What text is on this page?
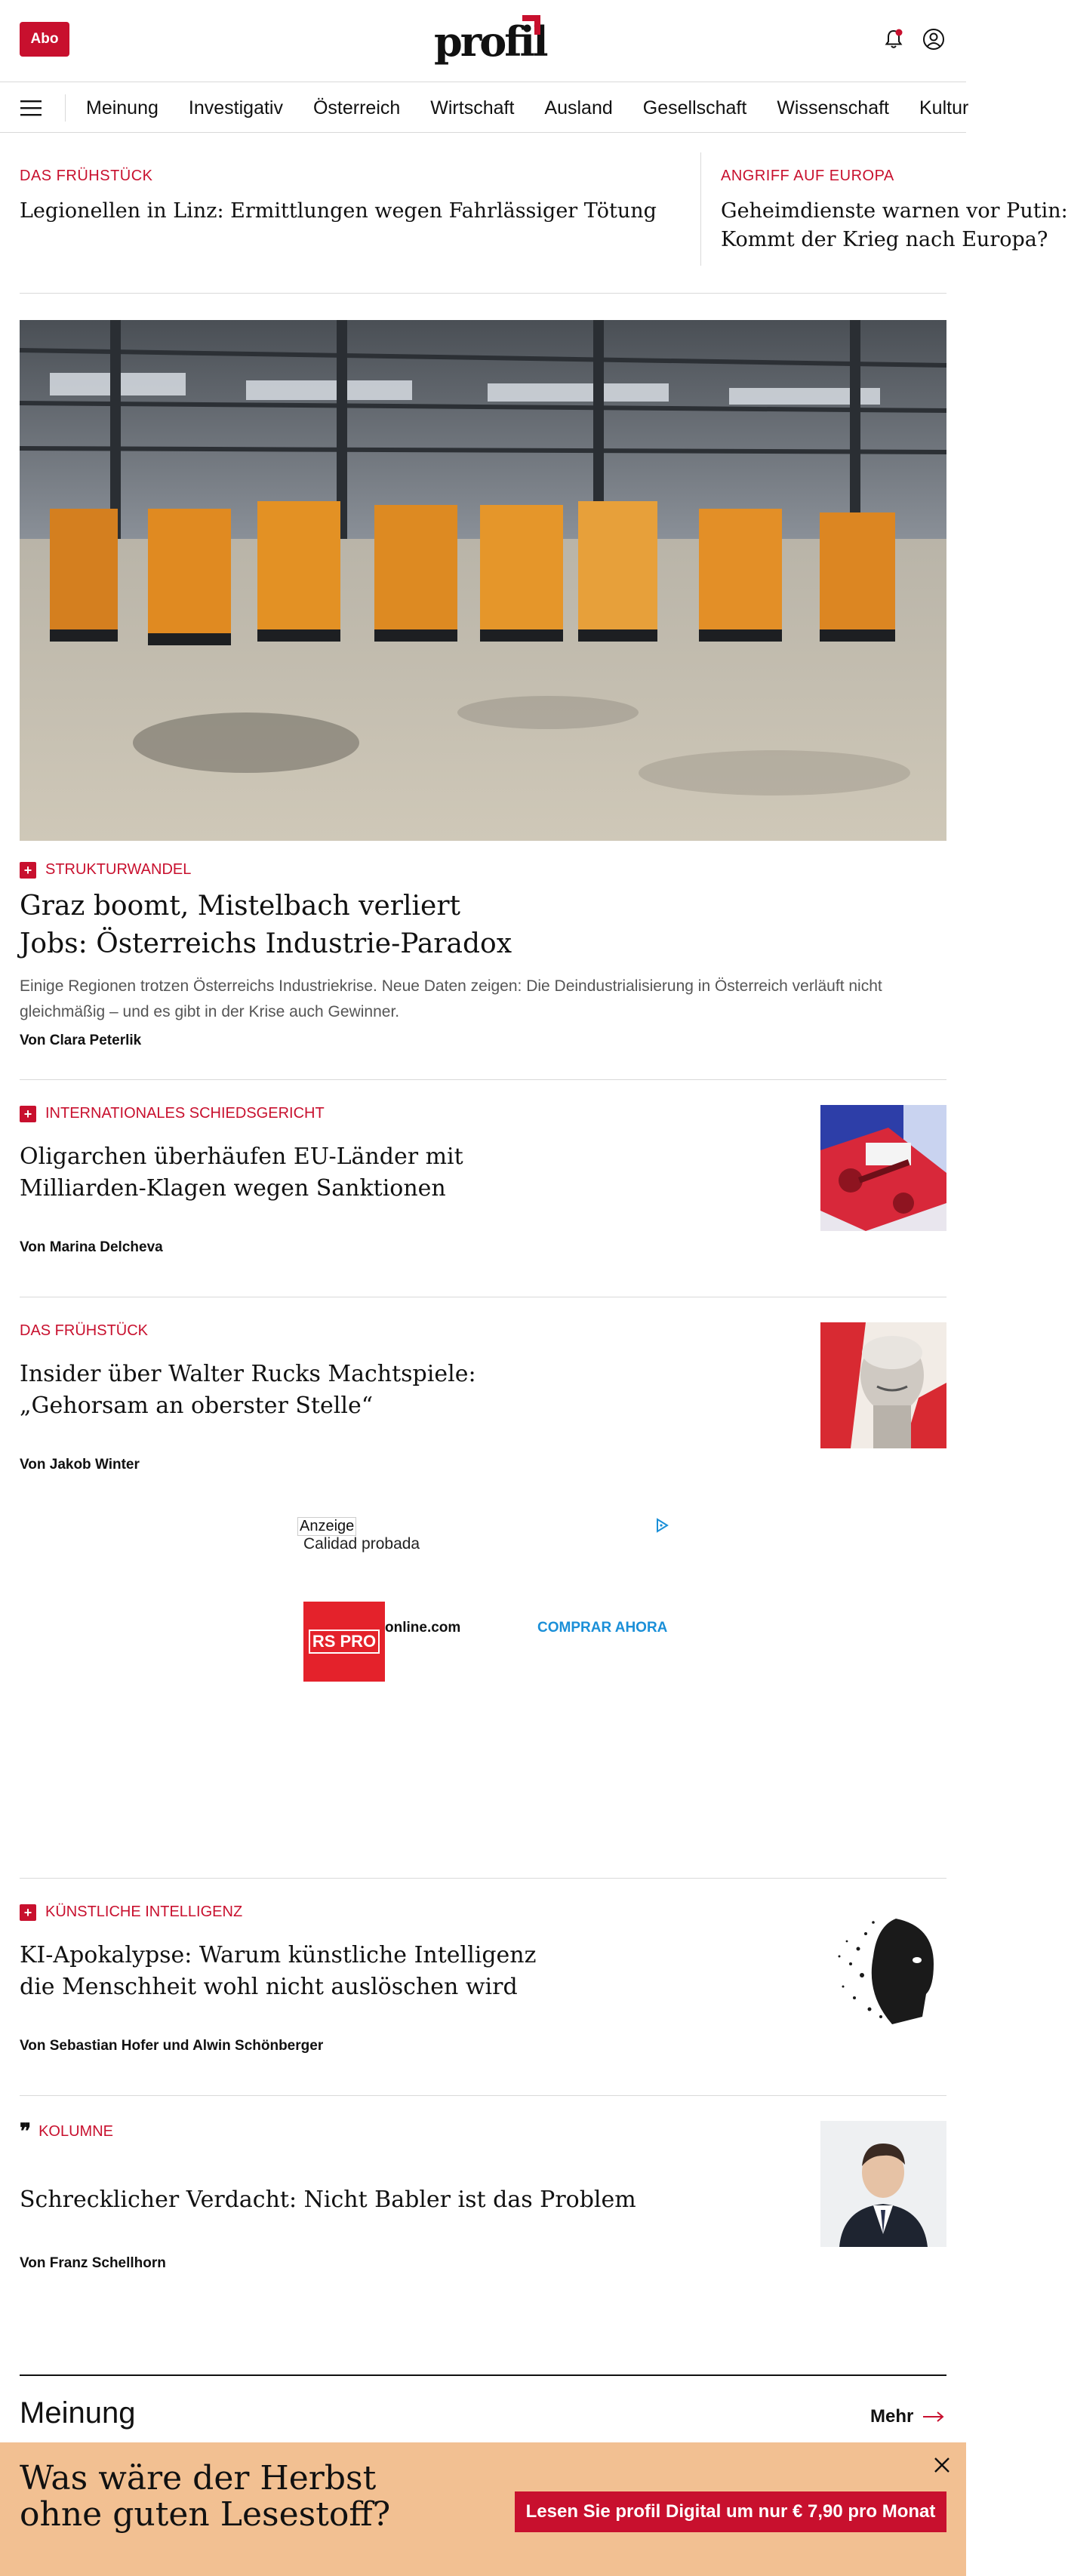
Abo	profil
Meinung Investigativ Österreich Wirtschaft Ausland Gesellschaft Wissenschaft Kultur
DAS FRÜHSTÜCK
Legionellen in Linz: Ermittlungen wegen Fahrlässiger Tötung
ANGRIFF AUF EUROPA
Geheimdienste warnen vor Putin:
Kommt der Krieg nach Europa?
+ STRUKTURWANDEL
Graz boomt, Mistelbach verliert
Jobs: Österreichs Industrie-Paradox
Einige Regionen trotzen Österreichs Industriekrise. Neue Daten zeigen: Die Deindustrialisierung in Österreich verläuft nicht gleichmäßig – und es gibt in der Krise auch Gewinner.
Von Clara Peterlik
+ INTERNATIONALES SCHIEDSGERICHT
Oligarchen überhäufen EU-Länder mit
Milliarden-Klagen wegen Sanktionen
Von Marina Delcheva
DAS FRÜHSTÜCK
Insider über Walter Rucks Machtspiele:
„Gehorsam an oberster Stelle“
Von Jakob Winter
Anzeige
Calidad probada
RS PRO
online.com	COMPRAR AHORA
+ KÜNSTLICHE INTELLIGENZ
KI-Apokalypse: Warum künstliche Intelligenz
die Menschheit wohl nicht auslöschen wird
Von Sebastian Hofer und Alwin Schönberger
❞ KOLUMNE
Schrecklicher Verdacht: Nicht Babler ist das Problem
Von Franz Schellhorn
Meinung	Mehr
Was wäre der Herbst
ohne guten Lesestoff?	Lesen Sie profil Digital um nur € 7,90 pro Monat
